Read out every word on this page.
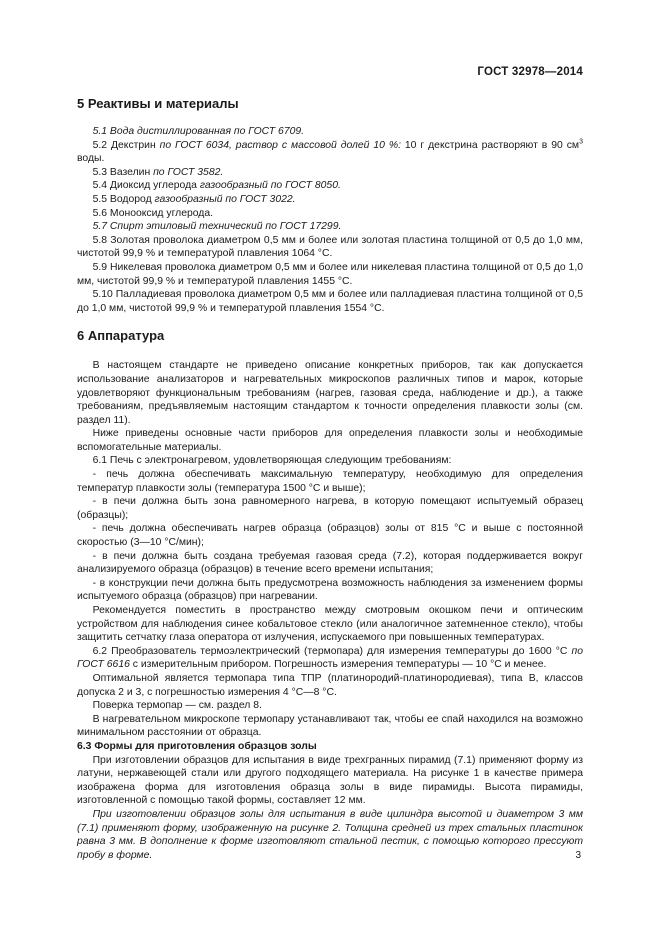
ГОСТ 32978—2014
5 Реактивы и материалы

5.1 Вода дистиллированная по ГОСТ 6709.

5.2 Декстрин по ГОСТ 6034, раствор с массовой долей 10 %: 10 г декстрина растворяют в 90 $см^3$ воды.

5.3 Вазелин по ГОСТ 3582.

5.4 Диоксид углерода газообразный по ГОСТ 8050.

5.5 Водород газообразный по ГОСТ 3022.

5.6 Монооксид углерода.

5.7 Спирт этиловый технический по ГОСТ 17299.

5.8 Золотая проволока диаметром 0,5 мм и более или золотая пластина толщиной от 0,5 до 1,0 мм, чистотой 99,9 % и температурой плавления 1064 °С.

5.9 Никелевая проволока диаметром 0,5 мм и более или никелевая пластина толщиной от 0,5 до 1,0 мм, чистотой 99,9 % и температурой плавления 1455 °С.

5.10 Палладиевая проволока диаметром 0,5 мм и более или палладиевая пластина толщиной от 0,5 до 1,0 мм, чистотой 99,9 % и температурой плавления 1554 °С.

6 Аппаратура

В настоящем стандарте не приведено описание конкретных приборов, так как допускается использование анализаторов и нагревательных микроскопов различных типов и марок, которые удовлетворяют функциональным требованиям (нагрев, газовая среда, наблюдение и др.), а также требованиям, предъявляемым настоящим стандартом к точности определения плавкости золы (см. раздел 11).

Ниже приведены основные части приборов для определения плавкости золы и необходимые вспомогательные материалы.

6.1 Печь с электронагревом, удовлетворяющая следующим требованиям:

- печь должна обеспечивать максимальную температуру, необходимую для определения температур плавкости золы (температура 1500 °С и выше);

- в печи должна быть зона равномерного нагрева, в которую помещают испытуемый образец (образцы);

- печь должна обеспечивать нагрев образца (образцов) золы от 815 °С и выше с постоянной скоростью (3—10 °С/мин);

- в печи должна быть создана требуемая газовая среда (7.2), которая поддерживается вокруг анализируемого образца (образцов) в течение всего времени испытания;

- в конструкции печи должна быть предусмотрена возможность наблюдения за изменением формы испытуемого образца (образцов) при нагревании.

Рекомендуется поместить в пространство между смотровым окошком печи и оптическим устройством для наблюдения синее кобальтовое стекло (или аналогичное затемненное стекло), чтобы защитить сетчатку глаза оператора от излучения, испускаемого при повышенных температурах.

6.2 Преобразователь термоэлектрический (термопара) для измерения температуры до 1600 °С по ГОСТ 6616 с измерительным прибором. Погрешность измерения температуры — 10 °С и менее.

Оптимальной является термопара типа ТПР (платинородий-платинородиевая), типа В, классов допуска 2 и 3, с погрешностью измерения 4 °С—8 °С.

Поверка термопар — см. раздел 8.

В нагревательном микроскопе термопару устанавливают так, чтобы ее спай находился на возможно минимальном расстоянии от образца.

6.3 Формы для приготовления образцов золы

При изготовлении образцов для испытания в виде трехгранных пирамид (7.1) применяют форму из латуни, нержавеющей стали или другого подходящего материала. На рисунке 1 в качестве примера изображена форма для изготовления образца золы в виде пирамиды. Высота пирамиды, изготовленной с помощью такой формы, составляет 12 мм.

При изготовлении образцов золы для испытания в виде цилиндра высотой и диаметром 3 мм (7.1) применяют форму, изображенную на рисунке 2. Толщина средней из трех стальных пластинок равна 3 мм. В дополнение к форме изготовляют стальной пестик, с помощью которого прессуют пробу в форме.	3
